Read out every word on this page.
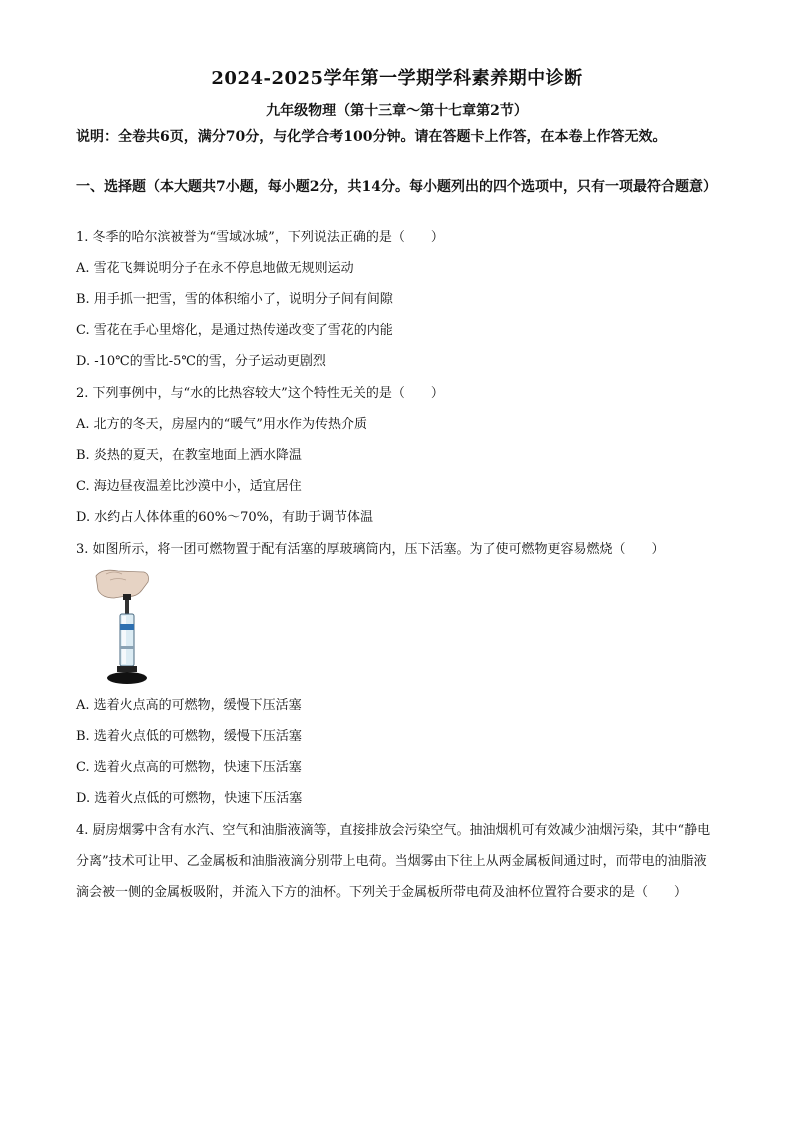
2024-2025学年第一学期学科素养期中诊断
九年级物理（第十三章～第十七章第2节）
说明：全卷共6页，满分70分，与化学合考100分钟。请在答题卡上作答，在本卷上作答无效。
一、选择题（本大题共7小题，每小题2分，共14分。每小题列出的四个选项中，只有一项最符合题意）
1. 冬季的哈尔滨被誉为“雪域冰城”，下列说法正确的是（　　）
A. 雪花飞舞说明分子在永不停息地做无规则运动
B. 用手抓一把雪，雪的体积缩小了，说明分子间有间隙
C. 雪花在手心里熔化，是通过热传递改变了雪花的内能
D. -10℃的雪比-5℃的雪，分子运动更剧烈
2. 下列事例中，与“水的比热容较大”这个特性无关的是（　　）
A. 北方的冬天，房屋内的“暖气”用水作为传热介质
B. 炎热的夏天，在教室地面上洒水降温
C. 海边昼夜温差比沙漠中小，适宜居住
D. 水约占人体体重的60%～70%，有助于调节体温
3. 如图所示，将一团可燃物置于配有活塞的厚玻璃筒内，压下活塞。为了使可燃物更容易燃烧（　　）
A. 选着火点高的可燃物，缓慢下压活塞
B. 选着火点低的可燃物，缓慢下压活塞
C. 选着火点高的可燃物，快速下压活塞
D. 选着火点低的可燃物，快速下压活塞
4. 厨房烟雾中含有水汽、空气和油脂液滴等，直接排放会污染空气。抽油烟机可有效减少油烟污染，其中“静电分离”技术可让甲、乙金属板和油脂液滴分别带上电荷。当烟雾由下往上从两金属板间通过时，而带电的油脂液滴会被一侧的金属板吸附，并流入下方的油杯。下列关于金属板所带电荷及油杯位置符合要求的是（　　）
